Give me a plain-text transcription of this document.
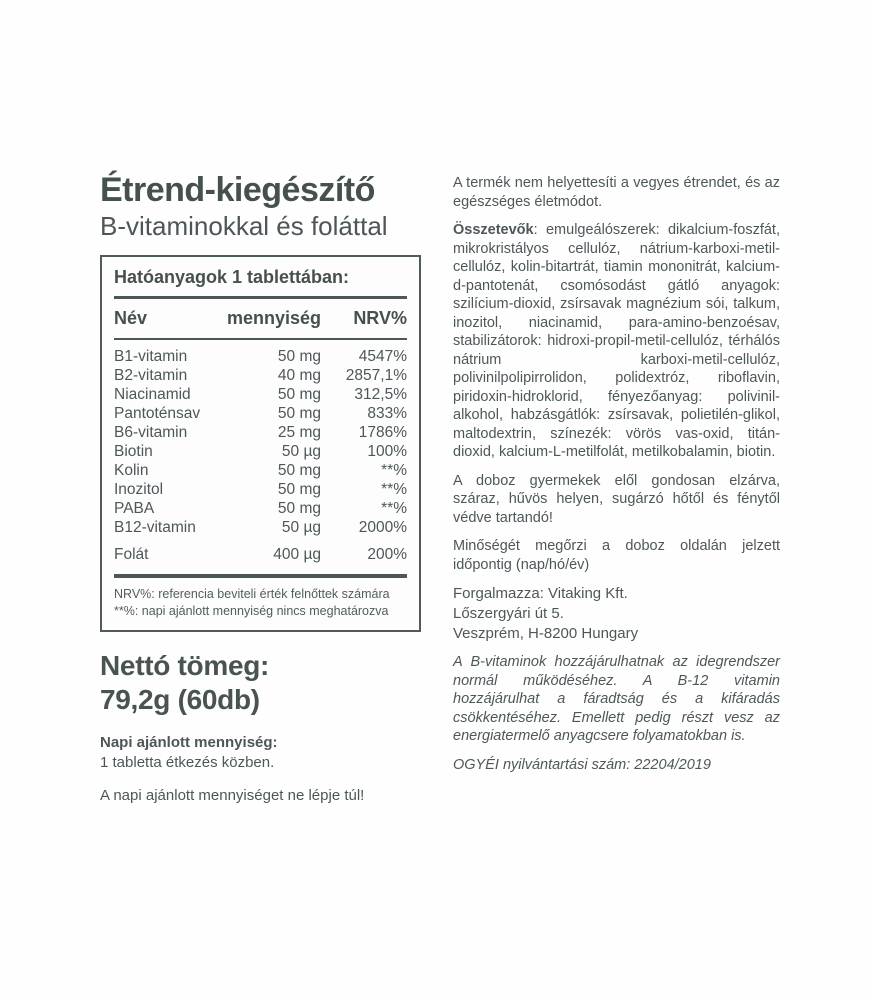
Étrend-kiegészítő
B-vitaminokkal és foláttal
Hatóanyagok 1 tablettában:
Név	mennyiség	NRV%
B1-vitamin	50 mg	4547%
B2-vitamin	40 mg	2857,1%
Niacinamid	50 mg	312,5%
Pantoténsav	50 mg	833%
B6-vitamin	25 mg	1786%
Biotin	50 µg	100%
Kolin	50 mg	**%
Inozitol	50 mg	**%
PABA	50 mg	**%
B12-vitamin	50 µg	2000%
Folát	400 µg	200%
NRV%: referencia beviteli érték felnőttek számára
**%: napi ajánlott mennyiség nincs meghatározva
Nettó tömeg:
79,2g (60db)
Napi ajánlott mennyiség:
1 tabletta étkezés közben.
A napi ajánlott mennyiséget ne lépje túl!

A termék nem helyettesíti a vegyes étrendet, és az egészséges életmódot.

Összetevők: emulgeálószerek: dikalcium-foszfát, mikrokristályos cellulóz, nátrium-karboxi-metil-cellulóz, kolin-bitartrát, tiamin mononitrát, kalcium-d-pantotenát, csomósodást gátló anyagok: szilícium-dioxid, zsírsavak magnézium sói, talkum, inozitol, niacinamid, para-amino-benzoésav, stabilizátorok: hidroxi-propil-metil-cellulóz, térhálós nátrium karboxi-metil-cellulóz, polivinilpolipirrolidon, polidextróz, riboflavin, piridoxin-hidroklorid, fényezőanyag: polivinil-alkohol, habzásgátlók: zsírsavak, polietilén-glikol, maltodextrin, színezék: vörös vas-oxid, titán-dioxid, kalcium-L-metilfolát, metilkobalamin, biotin.

A doboz gyermekek elől gondosan elzárva, száraz, hűvös helyen, sugárzó hőtől és fénytől védve tartandó!

Minőségét megőrzi a doboz oldalán jelzett időpontig (nap/hó/év)

Forgalmazza: Vitaking Kft.
Lőszergyári út 5.
Veszprém, H-8200 Hungary

A B-vitaminok hozzájárulhatnak az idegrendszer normál működéséhez. A B-12 vitamin hozzájárulhat a fáradtság és a kifáradás csökkentéséhez. Emellett pedig részt vesz az energiatermelő anyagcsere folyamatokban is.

OGYÉI nyilvántartási szám: 22204/2019
